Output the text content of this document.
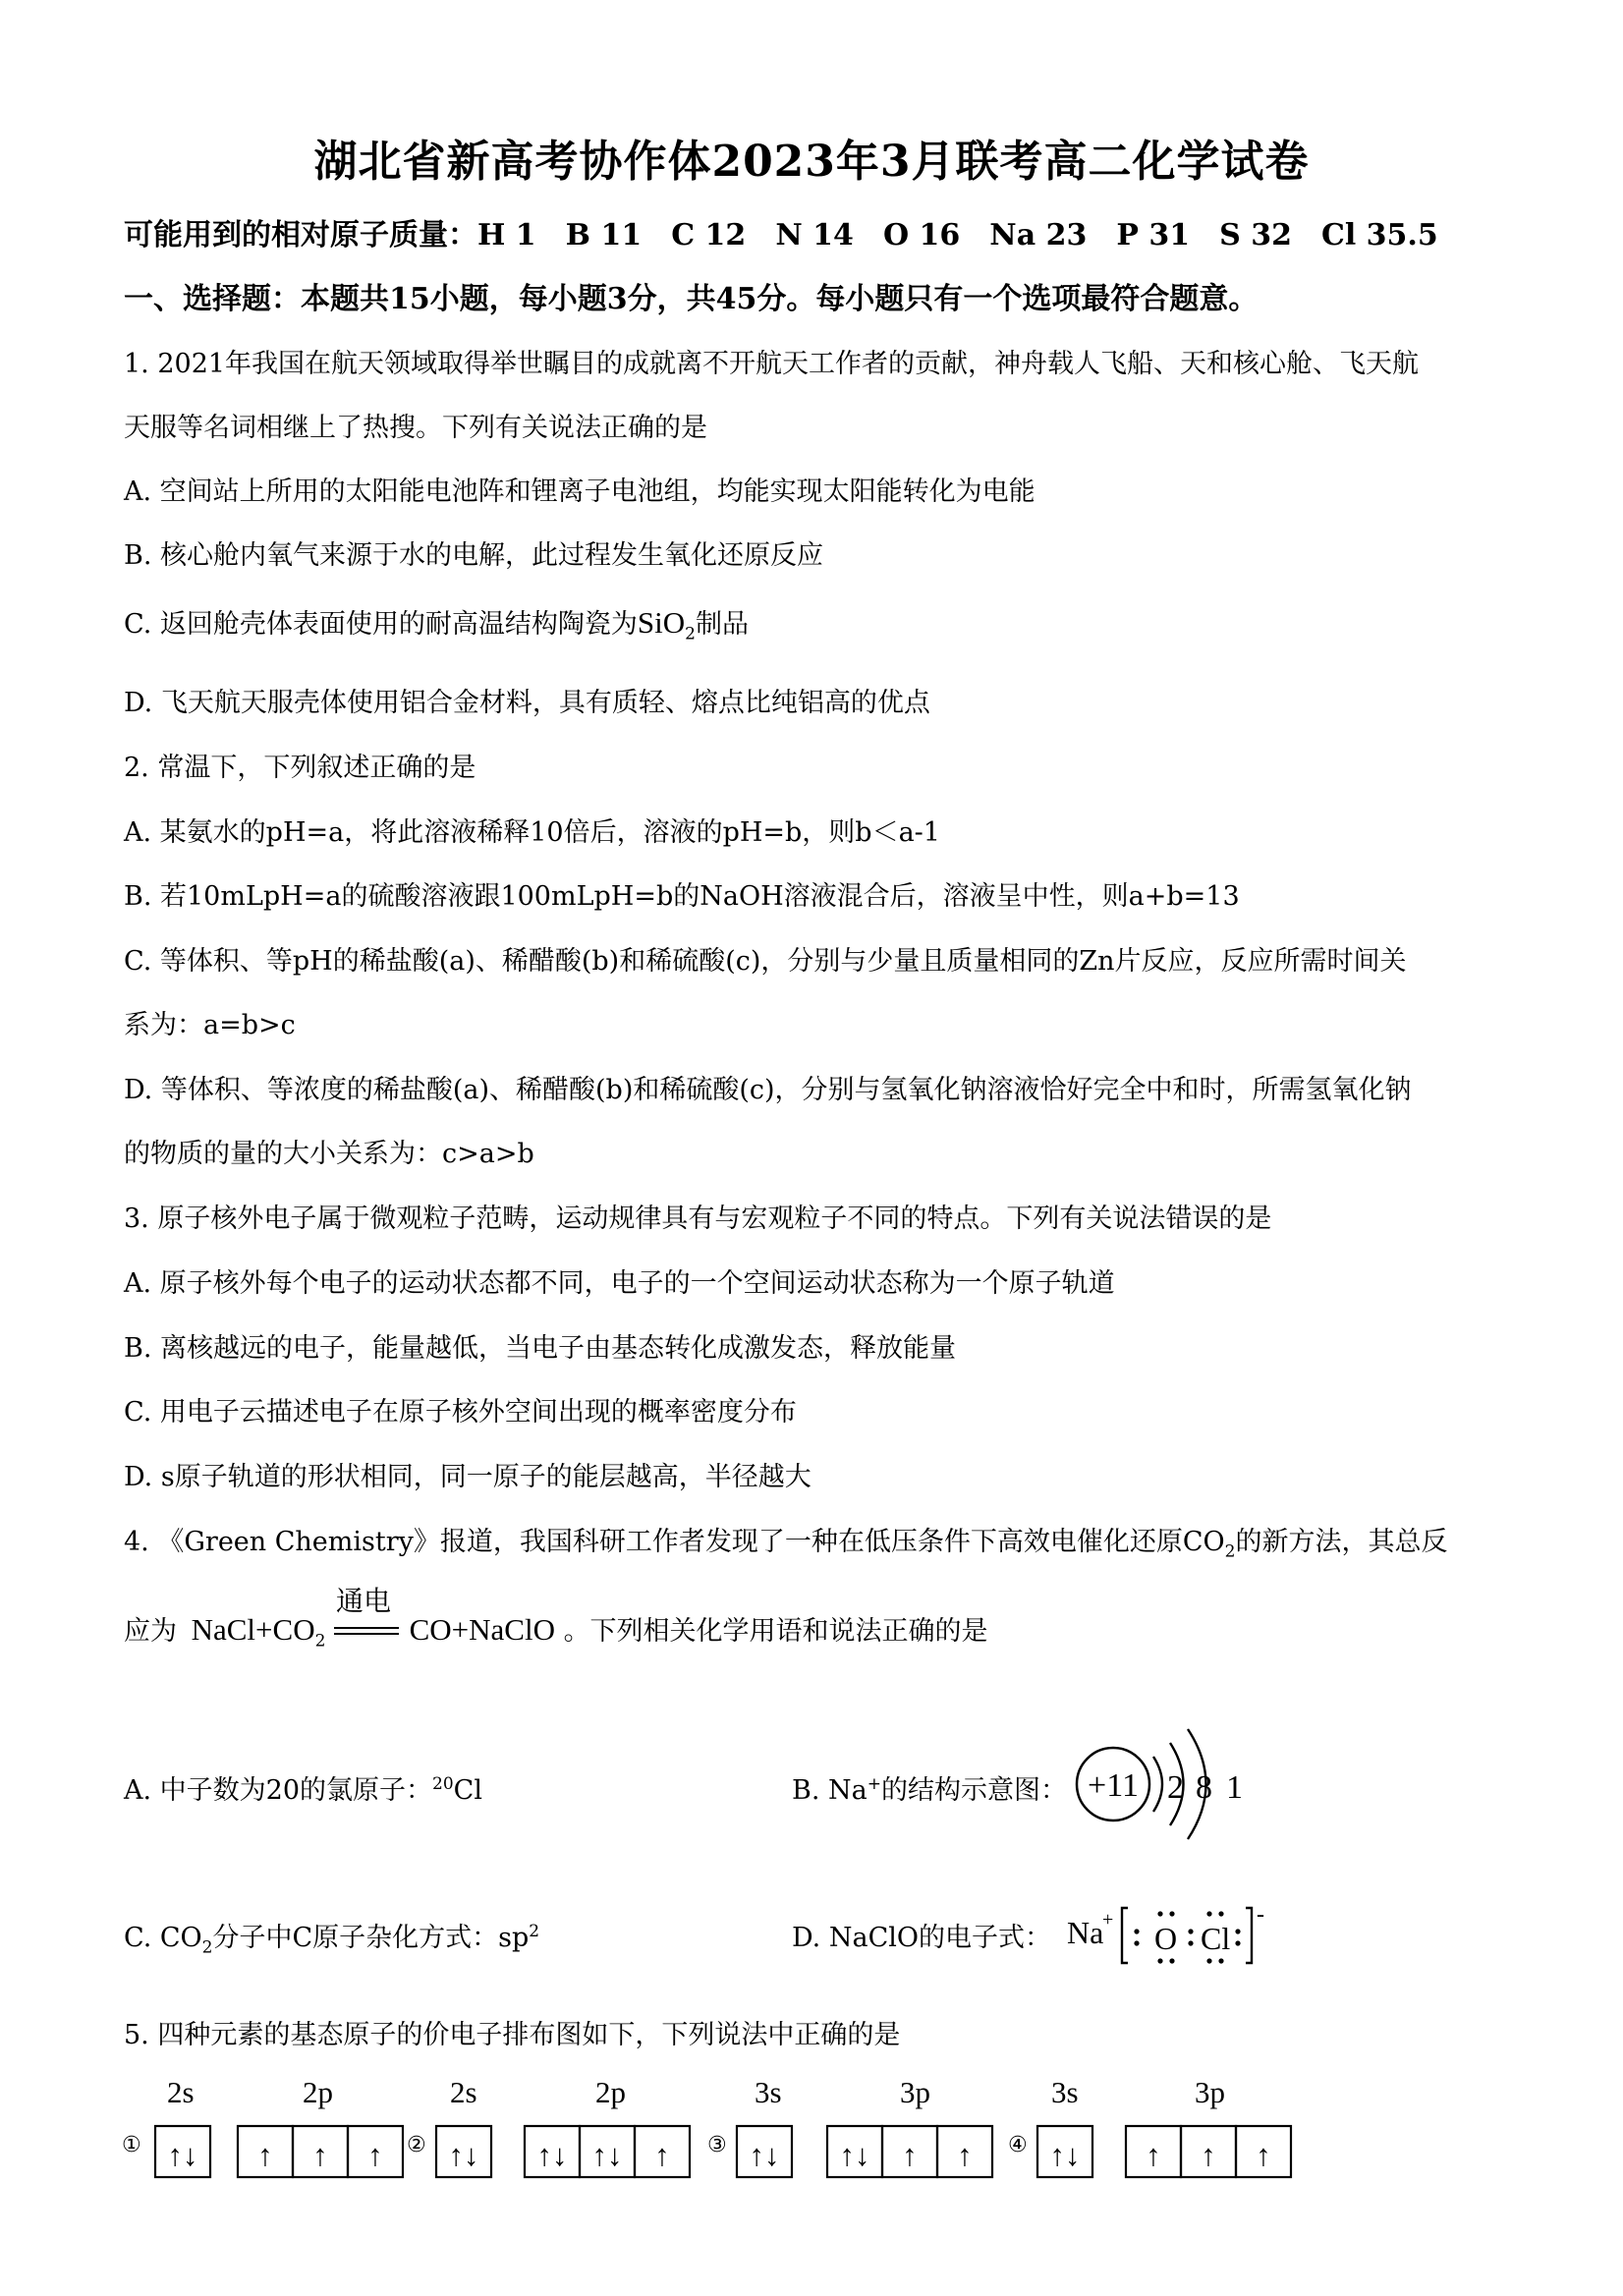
湖北省新高考协作体2023年3月联考高二化学试卷
可能用到的相对原子质量：H 1 B 11 C 12 N 14 O 16 Na 23 P 31 S 32 Cl 35.5
一、选择题：本题共15小题，每小题3分，共45分。每小题只有一个选项最符合题意。
1. 2021年我国在航天领域取得举世瞩目的成就离不开航天工作者的贡献，神舟载人飞船、天和核心舱、飞天航
天服等名词相继上了热搜。下列有关说法正确的是
A. 空间站上所用的太阳能电池阵和锂离子电池组，均能实现太阳能转化为电能
B. 核心舱内氧气来源于水的电解，此过程发生氧化还原反应
C. 返回舱壳体表面使用的耐高温结构陶瓷为SiO$_2$制品
D. 飞天航天服壳体使用铝合金材料，具有质轻、熔点比纯铝高的优点
2. 常温下，下列叙述正确的是
A. 某氨水的pH=a，将此溶液稀释10倍后，溶液的pH=b，则b＜a-1
B. 若10mLpH=a的硫酸溶液跟100mLpH=b的NaOH溶液混合后，溶液呈中性，则a+b=13
C. 等体积、等pH的稀盐酸(a)、稀醋酸(b)和稀硫酸(c)，分别与少量且质量相同的Zn片反应，反应所需时间关
系为：a=b>c
D. 等体积、等浓度的稀盐酸(a)、稀醋酸(b)和稀硫酸(c)，分别与氢氧化钠溶液恰好完全中和时，所需氢氧化钠
的物质的量的大小关系为：c>a>b
3. 原子核外电子属于微观粒子范畴，运动规律具有与宏观粒子不同的特点。下列有关说法错误的是
A. 原子核外每个电子的运动状态都不同，电子的一个空间运动状态称为一个原子轨道
B. 离核越远的电子，能量越低，当电子由基态转化成激发态，释放能量
C. 用电子云描述电子在原子核外空间出现的概率密度分布
D. s原子轨道的形状相同，同一原子的能层越高，半径越大
4. 《Green Chemistry》报道，我国科研工作者发现了一种在低压条件下高效电催化还原$CO_2$的新方法，其总反
应为 $NaCl+CO_2$
通电
CO+NaClO 。下列相关化学用语和说法正确的是
A. 中子数为20的氯原子：$^{20}$Cl	B. Na+的结构示意图： +11 2 8 1
C. $CO_2$分子中C原子杂化方式：$sp^2$	D. NaClO的电子式： Na
+
O Cl
-
5. 四种元素的基态原子的价电子排布图如下，下列说法中正确的是
①
2s
↑↓
2p
↑ ↑ ↑ ②
2s
↑↓
2p
↑↓ ↑↓ ↑ ③
3s
↑↓
3p
↑↓ ↑ ↑ ④
3s
↑↓
3p
↑ ↑ ↑
